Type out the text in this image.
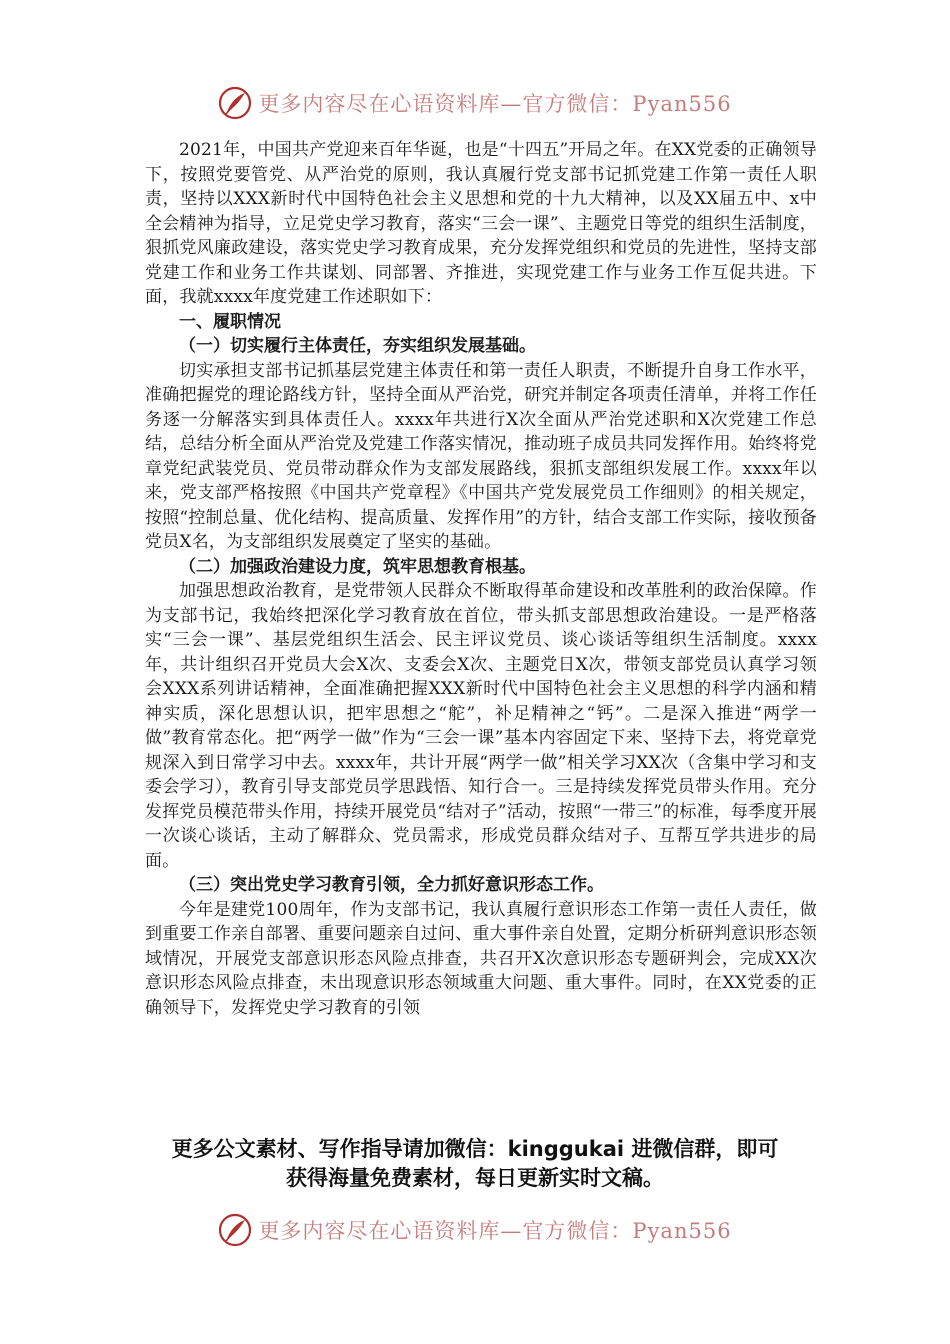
更多内容尽在心语资料库—官方微信：Pyan556

2021年，中国共产党迎来百年华诞，也是“十四五”开局之年。在XX党委的正确领导下，按照党要管党、从严治党的原则，我认真履行党支部书记抓党建工作第一责任人职责，坚持以XXX新时代中国特色社会主义思想和党的十九大精神，以及XX届五中、x中全会精神为指导，立足党史学习教育，落实“三会一课”、主题党日等党的组织生活制度，狠抓党风廉政建设，落实党史学习教育成果，充分发挥党组织和党员的先进性，坚持支部党建工作和业务工作共谋划、同部署、齐推进，实现党建工作与业务工作互促共进。下面，我就xxxx年度党建工作述职如下：

一、履职情况

（一）切实履行主体责任，夯实组织发展基础。

切实承担支部书记抓基层党建主体责任和第一责任人职责，不断提升自身工作水平，准确把握党的理论路线方针，坚持全面从严治党，研究并制定各项责任清单，并将工作任务逐一分解落实到具体责任人。xxxx年共进行X次全面从严治党述职和X次党建工作总结，总结分析全面从严治党及党建工作落实情况，推动班子成员共同发挥作用。始终将党章党纪武装党员、党员带动群众作为支部发展路线，狠抓支部组织发展工作。xxxx年以来，党支部严格按照《中国共产党章程》《中国共产党发展党员工作细则》的相关规定，按照“控制总量、优化结构、提高质量、发挥作用”的方针，结合支部工作实际，接收预备党员X名，为支部组织发展奠定了坚实的基础。

（二）加强政治建设力度，筑牢思想教育根基。

加强思想政治教育，是党带领人民群众不断取得革命建设和改革胜利的政治保障。作为支部书记，我始终把深化学习教育放在首位，带头抓支部思想政治建设。一是严格落实“三会一课”、基层党组织生活会、民主评议党员、谈心谈话等组织生活制度。xxxx年，共计组织召开党员大会X次、支委会X次、主题党日X次，带领支部党员认真学习领会XXX系列讲话精神，全面准确把握XXX新时代中国特色社会主义思想的科学内涵和精神实质，深化思想认识，把牢思想之“舵”，补足精神之“钙”。二是深入推进“两学一做”教育常态化。把“两学一做”作为“三会一课”基本内容固定下来、坚持下去，将党章党规深入到日常学习中去。xxxx年，共计开展“两学一做”相关学习XX次（含集中学习和支委会学习），教育引导支部党员学思践悟、知行合一。三是持续发挥党员带头作用。充分发挥党员模范带头作用，持续开展党员“结对子”活动，按照“一带三”的标准，每季度开展一次谈心谈话，主动了解群众、党员需求，形成党员群众结对子、互帮互学共进步的局面。

（三）突出党史学习教育引领，全力抓好意识形态工作。

今年是建党100周年，作为支部书记，我认真履行意识形态工作第一责任人责任，做到重要工作亲自部署、重要问题亲自过问、重大事件亲自处置，定期分析研判意识形态领域情况，开展党支部意识形态风险点排查，共召开X次意识形态专题研判会，完成XX次意识形态风险点排查，未出现意识形态领域重大问题、重大事件。同时，在XX党委的正确领导下，发挥党史学习教育的引领

更多公文素材、写作指导请加微信：kinggukai 进微信群，即可
获得海量免费素材，每日更新实时文稿。
更多内容尽在心语资料库—官方微信：Pyan556
